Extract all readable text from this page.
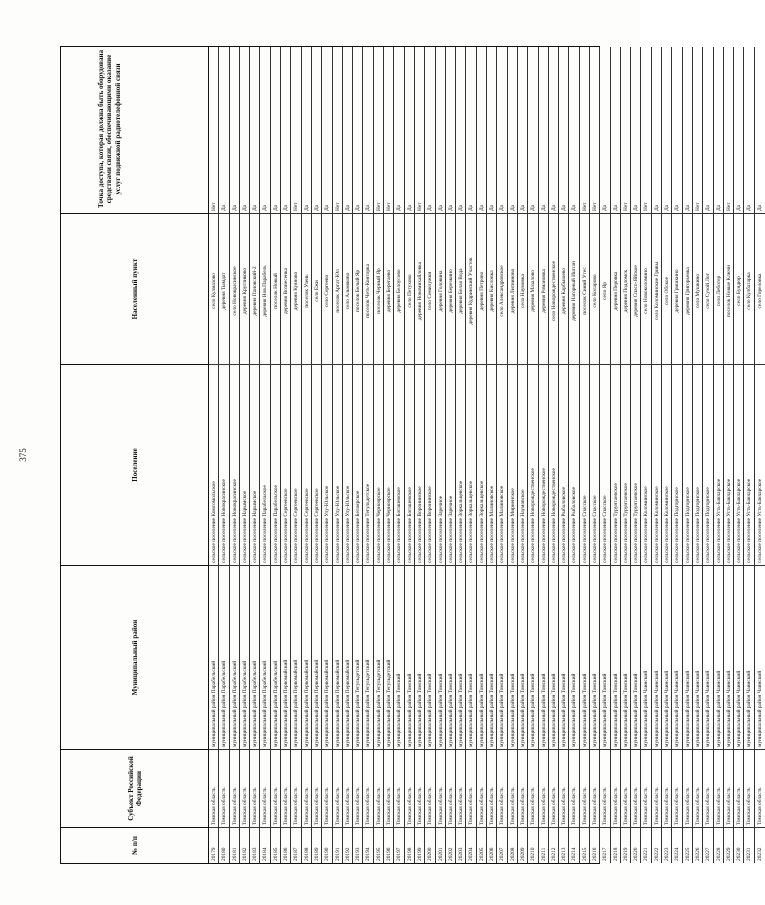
375
№ п/п
Субъект Российской Федерации
Муниципальный район
Поселение
Населенный пункт
Точка доступа, которая должна быть оборудована средствами связи, обеспечивающими оказание услуг подвижной радиотелефонной связи
20179
Томская область
муниципальный район Парабельский
сельское поселение Комсомольское
село Кулмазово
Нет
20180
Томская область
муниципальный район Парабельский
сельское поселение Новокрасинское
деревня Тымдат
Да
20181
Томская область
муниципальный район Парабельский
сельское поселение Новокрасинское
село Новокрасинское
Да
20182
Томская область
муниципальный район Парабельский
сельское поселение Нарымское
деревня Кругликово
Да
20183
Томская область
муниципальный район Парабельский
сельское поселение Нарымское
деревня Пановский-2
Да
20184
Томская область
муниципальный район Парабельский
сельское поселение Парабельское
деревня Нов.Парабель
Да
20185
Томская область
муниципальный район Парабельский
сельское поселение Парабельское
поселок Новый
Да
20186
Томская область
муниципальный район Первомайский
сельское поселение Сергеевское
деревня Вознесенка
Да
20187
Томская область
муниципальный район Первомайский
сельское поселение Сергеевское
деревня Куяново
Нет
20188
Томская область
муниципальный район Первомайский
сельское поселение Сергеевское
поселок Узень
Да
20189
Томская область
муниципальный район Первомайский
сельское поселение Сергеевское
село Ежи
Да
20190
Томская область
муниципальный район Первомайский
сельское поселение Улу-Юльское
село Сергеево
Да
20191
Томская область
муниципальный район Первомайский
сельское поселение Улу-Юльское
поселок Аргат-Юл
Нет
20192
Томская область
муниципальный район Первомайский
сельское поселение Улу-Юльское
село Альмяково
Да
20193
Томская область
муниципальный район Тегульдетский
сельское поселение Белоярское
поселок Белый Яр
Да
20194
Томская область
муниципальный район Тегульдетский
сельское поселение Тегульдетское
поселок Четь-Конторка
Да
20195
Томская область
муниципальный район Тегульдетский
сельское поселение Черноярское
поселок Черный Яр
Нет
20196
Томская область
муниципальный район Тегульдетский
сельское поселение Черноярское
деревня Берегаево
Нет
20197
Томская область
муниципальный район Томский
сельское поселение Богашевское
деревня Белоусово
Да
20198
Томская область
муниципальный район Томский
сельское поселение Богашевское
село Петухово
Да
20199
Томская область
муниципальный район Томский
сельское поселение Воронинское
деревня Новомихайловка
Нет
20200
Томская область
муниципальный район Томский
сельское поселение Воронинское
село Семилужки
Да
20201
Томская область
муниципальный район Томский
сельское поселение Заречное
деревня Головина
Да
20202
Томская область
муниципальный район Томский
сельское поселение Заречное
деревня Березкино
Да
20203
Томская область
муниципальный район Томский
сельское поселение Зоркальцевское
деревня Белая Вода
Да
20204
Томская область
муниципальный район Томский
сельское поселение Зоркальцевское
деревня Кудринский Участок
Да
20205
Томская область
муниципальный район Томский
сельское поселение Зоркальцевское
деревня Петрово
Да
20206
Томская область
муниципальный район Томский
сельское поселение Малиновское
деревня Кисловка
Да
20207
Томская область
муниципальный район Томский
сельское поселение Малиновское
село Александровское
Да
20208
Томская область
муниципальный район Томский
сельское поселение Мирненское
деревня Литвиново
Да
20209
Томская область
муниципальный район Томский
сельское поселение Наумовское
село Наумовка
Да
20210
Томская область
муниципальный район Томский
сельское поселение Новорождественское
деревня Мазалово
Да
20211
Томская область
муниципальный район Томский
сельское поселение Новорождественское
деревня Романовка
Да
20212
Томская область
муниципальный район Томский
сельское поселение Новорождественское
село Новорождественское
Да
20213
Томская область
муниципальный район Томский
сельское поселение Рыбаловское
деревня Карбышево
Да
20214
Томская область
муниципальный район Томский
сельское поселение Рыбаловское
деревня Нагорный Иштан
Да
20215
Томская область
муниципальный район Томский
сельское поселение Спасское
поселок Синий Утес
Нет
20216
Томская область
муниципальный район Томский
сельское поселение Спасское
село Коларово
Нет
20217
Томская область
муниципальный район Томский
сельское поселение Спасское
село Яр
Да
20218
Томская область
муниципальный район Томский
сельское поселение Турунтаевское
деревня Перовка
Да
20219
Томская область
муниципальный район Томский
сельское поселение Турунтаевское
деревня Подломск
Нет
20220
Томская область
муниципальный район Томский
сельское поселение Турунтаевское
деревня Спасо-Яйское
Да
20221
Томская область
муниципальный район Чаинский
сельское поселение Коломинское
село Новоколомино
Нет
20222
Томская область
муниципальный район Чаинский
сельское поселение Коломинское
село Коломинские Гривы
Да
20223
Томская область
муниципальный район Чаинский
сельское поселение Коломинское
село Обское
Да
20224
Томская область
муниципальный район Чаинский
сельское поселение Подгорнское
деревня Гришкино
Да
20225
Томская область
муниципальный район Чаинский
сельское поселение Подгорнское
деревня Григорьевка
Да
20226
Томская область
муниципальный район Чаинский
сельское поселение Подгорнское
село Мушкино
Нет
20227
Томская область
муниципальный район Чаинский
сельское поселение Подгорнское
село Сухой Лог
Да
20228
Томская область
муниципальный район Чаинский
сельское поселение Усть-Бакчарское
село Леботер
Да
20229
Томская область
муниципальный район Чаинский
сельское поселение Усть-Бакчарское
поселок Новые Ключи
Нет
20230
Томская область
муниципальный район Чаинский
сельское поселение Усть-Бакчарское
село Бундюр
Да
20231
Томская область
муниципальный район Чаинский
сельское поселение Усть-Бакчарское
село Кулбатарка
Да
20232
Томская область
муниципальный район Чаинский
сельское поселение Усть-Бакчарское
село Гореловка
Да
